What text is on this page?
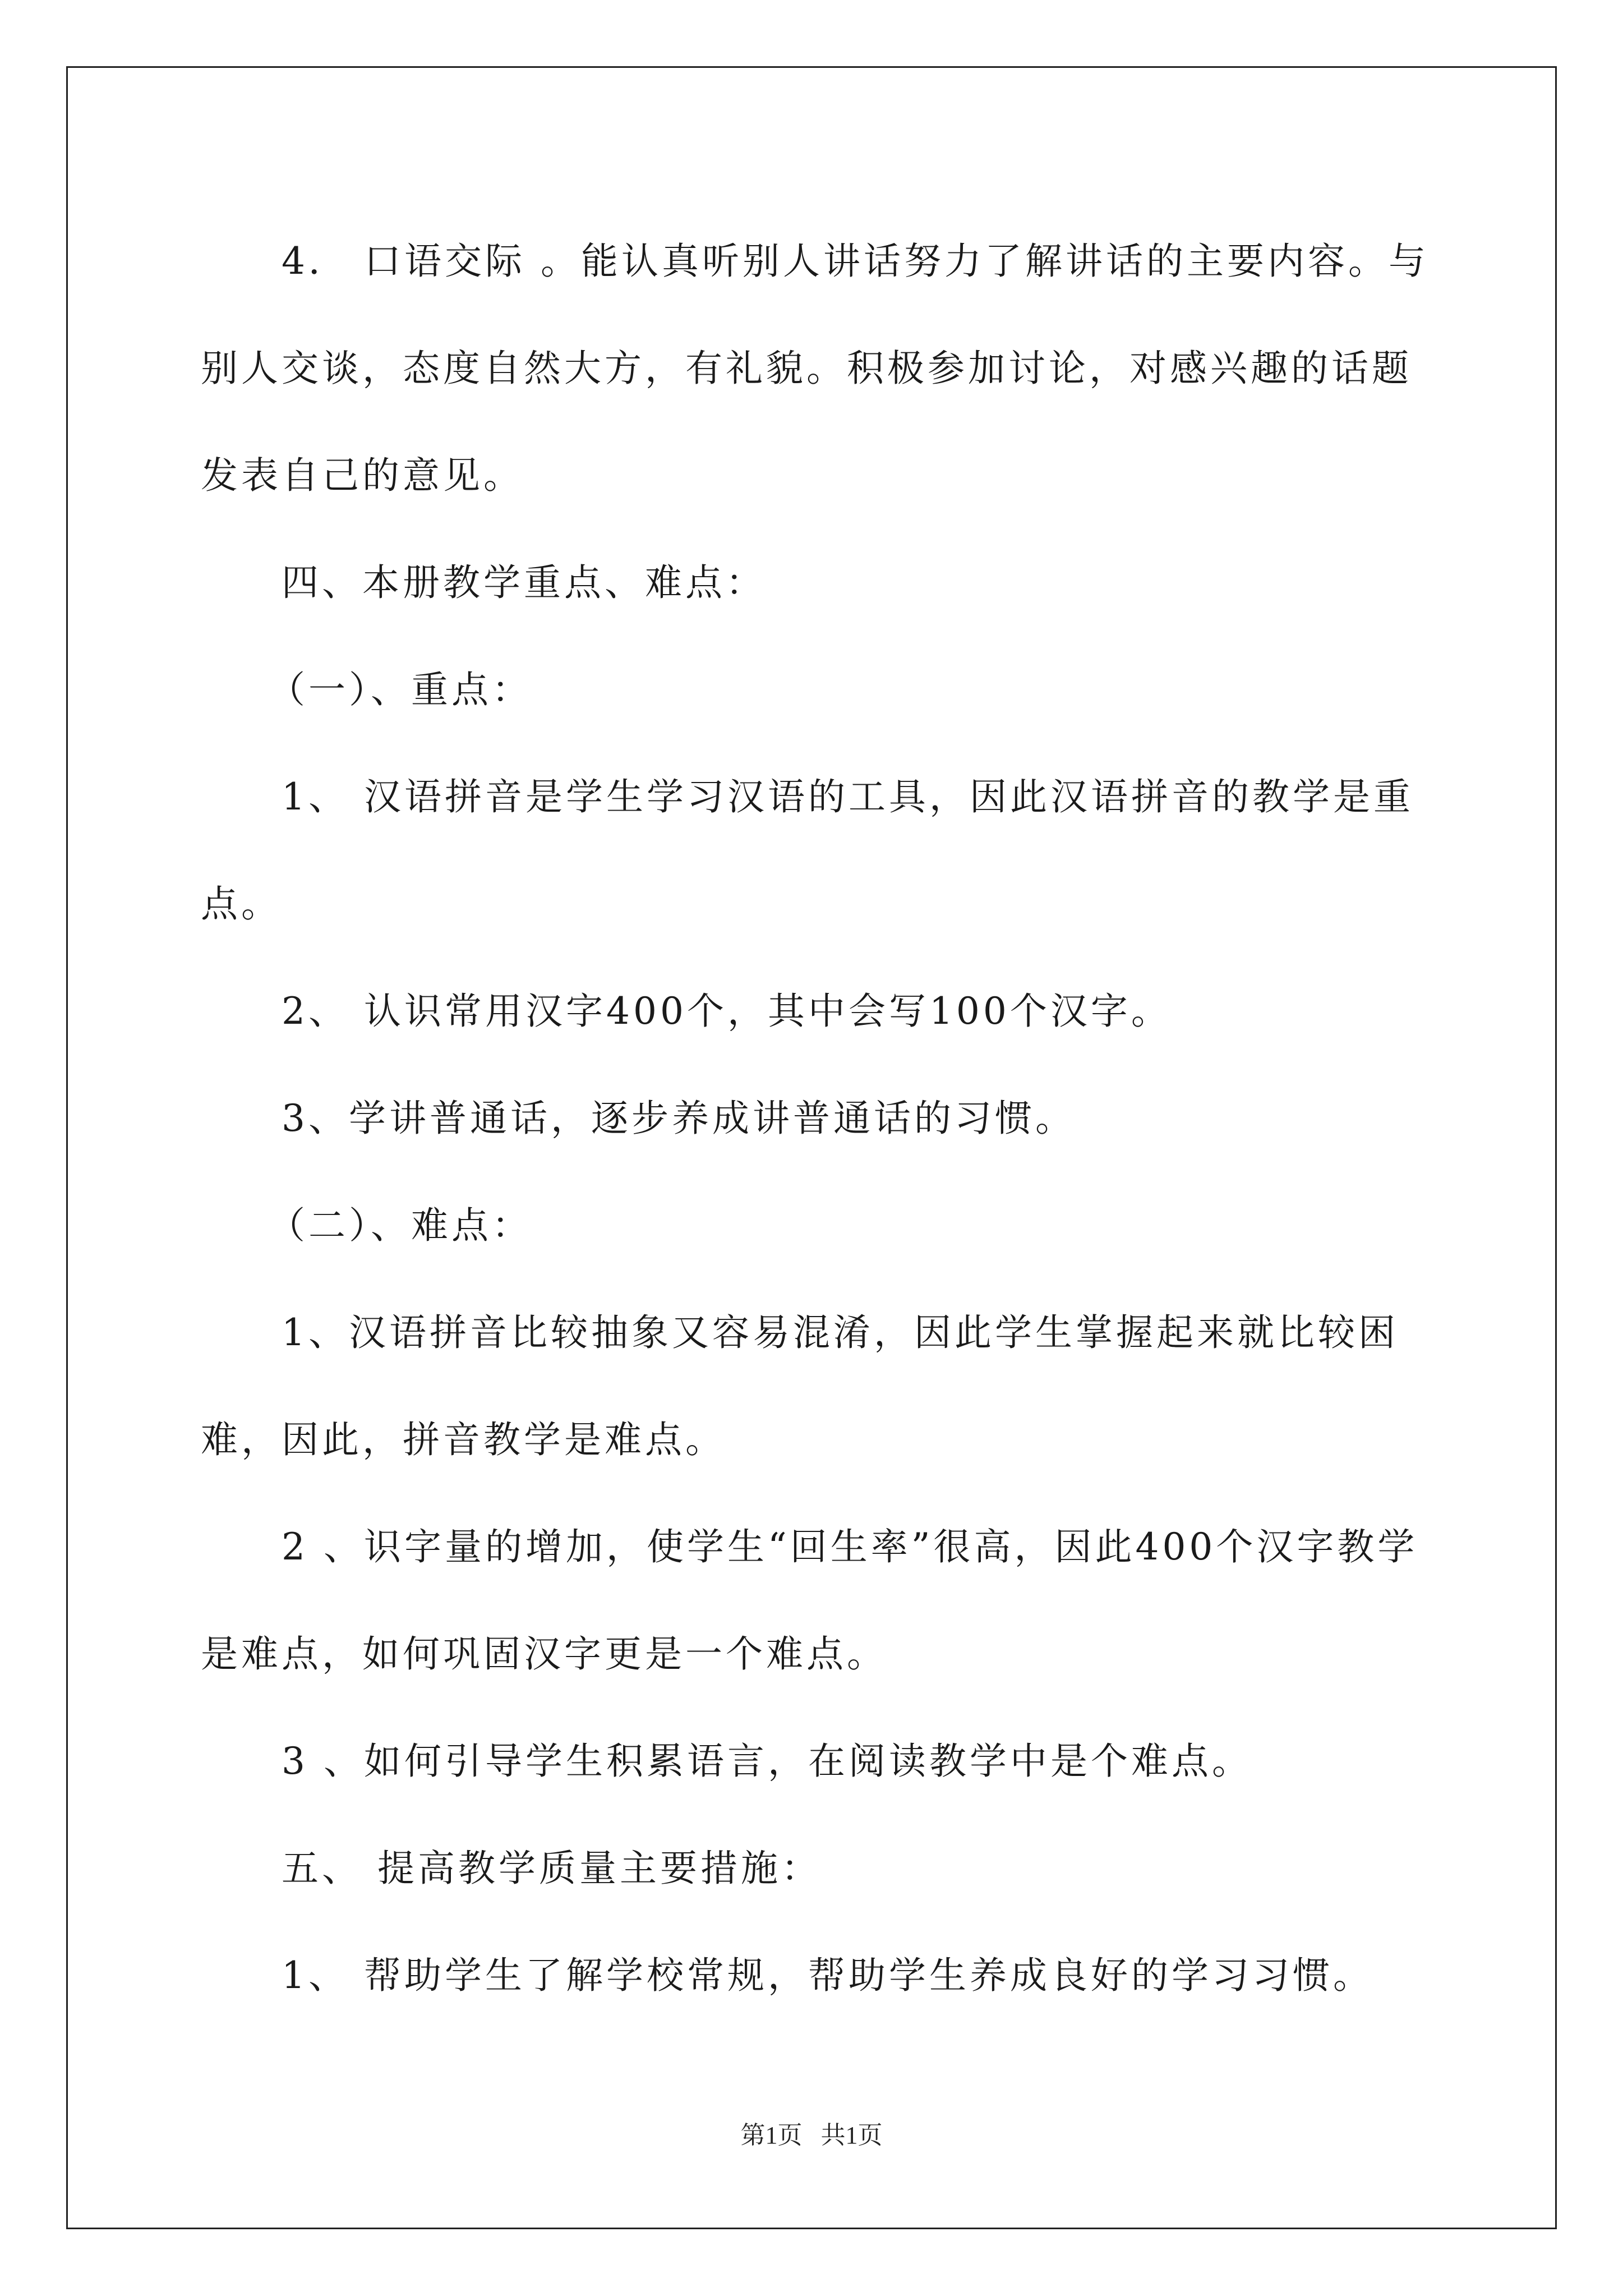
4． 口语交际 。能认真听别人讲话努力了解讲话的主要内容。与别人交谈，态度自然大方，有礼貌。积极参加讨论，对感兴趣的话题发表自己的意见。

四、本册教学重点、难点：

（一）、重点：

1、 汉语拼音是学生学习汉语的工具，因此汉语拼音的教学是重点。

2、 认识常用汉字400个，其中会写100个汉字。

3、学讲普通话，逐步养成讲普通话的习惯。

（二）、难点：

1、汉语拼音比较抽象又容易混淆，因此学生掌握起来就比较困难，因此，拼音教学是难点。

2 、识字量的增加，使学生“回生率”很高，因此400个汉字教学是难点，如何巩固汉字更是一个难点。

3 、如何引导学生积累语言，在阅读教学中是个难点。

五、 提高教学质量主要措施：

1、 帮助学生了解学校常规，帮助学生养成良好的学习习惯。

第1页   共1页
